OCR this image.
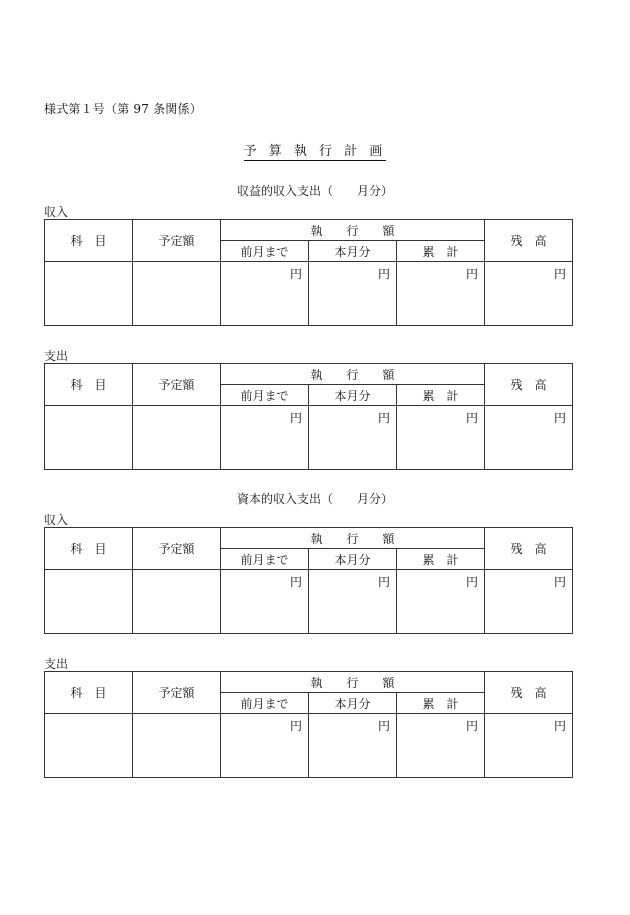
様式第１号（第 97 条関係）
予 算 執 行 計 画
収益的収入支出（　　月分）
収入
科　目	予定額	執　　行　　額			残　高
		前月まで	本月分	累　計	
		円	円	円	円
支出
科　目	予定額	執　　行　　額			残　高
		前月まで	本月分	累　計	
		円	円	円	円
資本的収入支出（　　月分）
収入
科　目	予定額	執　　行　　額			残　高
		前月まで	本月分	累　計	
		円	円	円	円
支出
科　目	予定額	執　　行　　額			残　高
		前月まで	本月分	累　計	
		円	円	円	円
